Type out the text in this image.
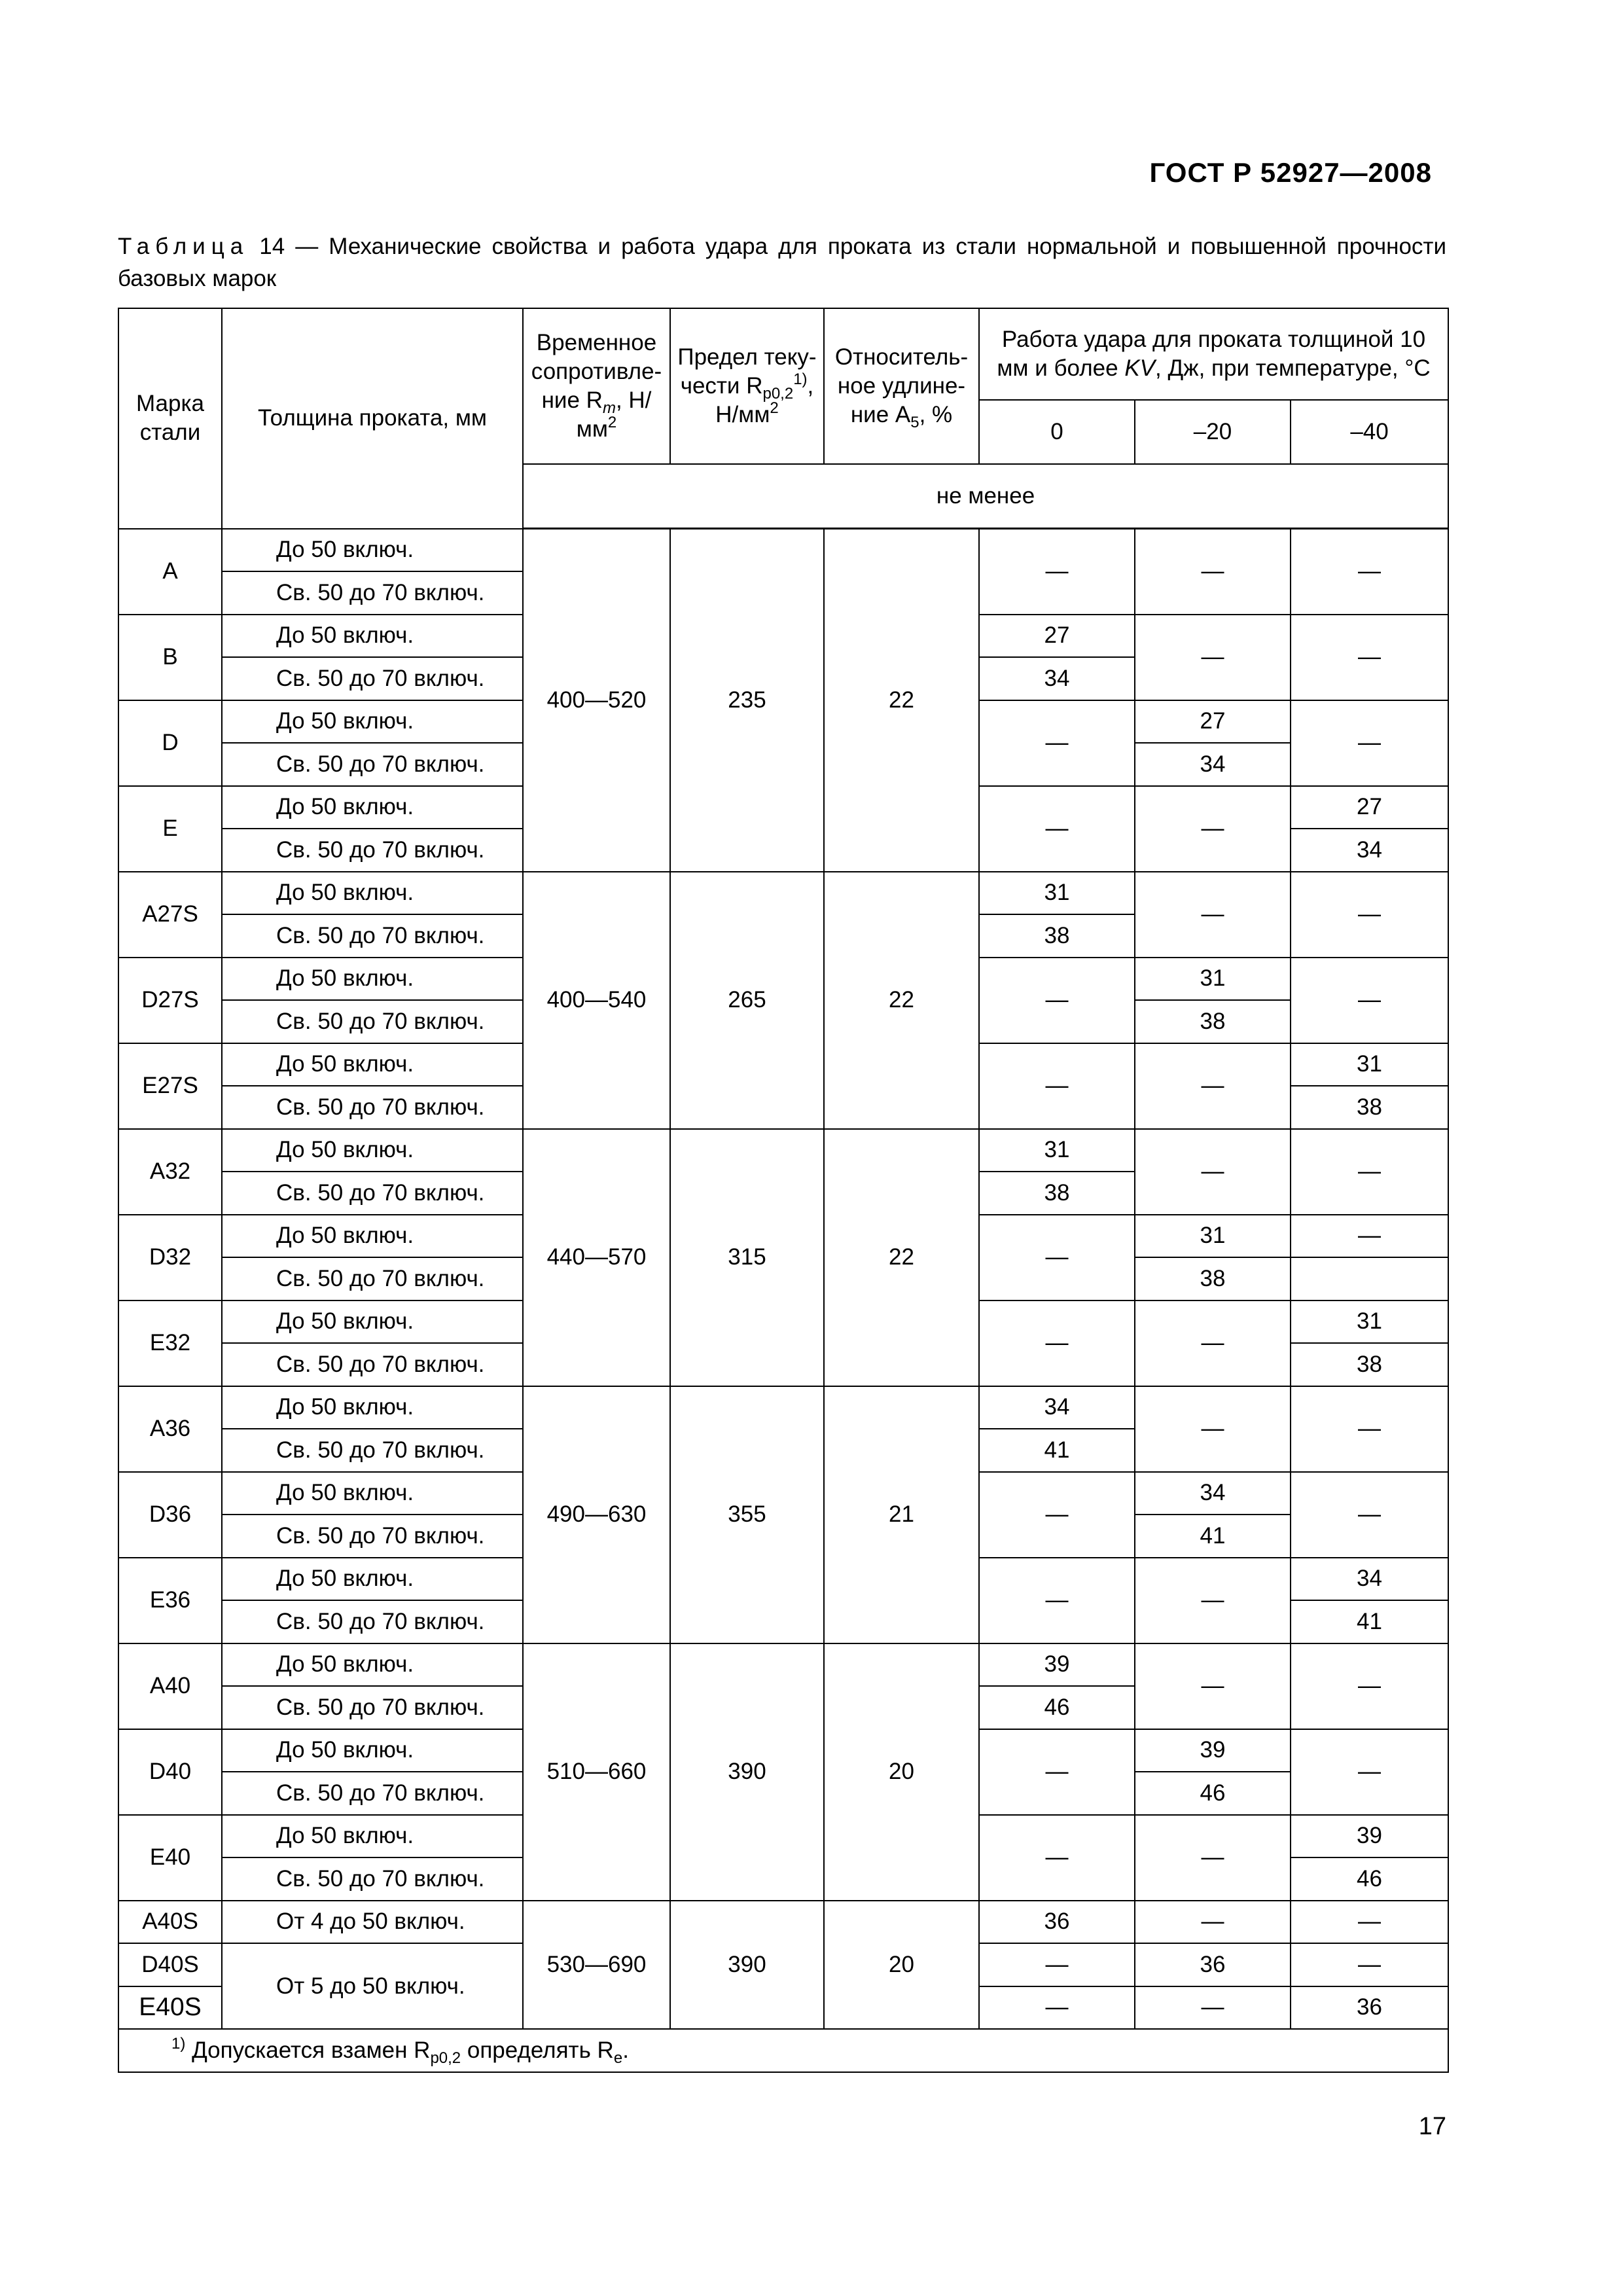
ГОСТ Р 52927—2008
Таблица 14 — Механические свойства и работа удара для проката из стали нормальной и повышенной прочности базовых марок
Марка стали	Толщина проката, мм	Временное сопротивле-ние $R_m$, $Н/мм^2$	Предел теку-чести $R_{p0,2}^{1)}$, $Н/мм^2$	Относитель-ное удлине-ние $A_5$, %	Работа удара для проката толщиной 10 мм и более KV, Дж, при температуре, °С		
					0	–20	–40
		не менее					
A	До 50 включ.	400—520	235	22	—	—	—
	Св. 50 до 70 включ.						
B	До 50 включ.				27	—	—
	Св. 50 до 70 включ.				34		
D	До 50 включ.				—	27	—
	Св. 50 до 70 включ.					34	
E	До 50 включ.				—	—	27
	Св. 50 до 70 включ.						34
A27S	До 50 включ.	400—540	265	22	31	—	—
	Св. 50 до 70 включ.				38		
D27S	До 50 включ.				—	31	—
	Св. 50 до 70 включ.					38	
E27S	До 50 включ.				—	—	31
	Св. 50 до 70 включ.						38
A32	До 50 включ.	440—570	315	22	31	—	—
	Св. 50 до 70 включ.				38		
D32	До 50 включ.				—	31	—
	Св. 50 до 70 включ.					38	
E32	До 50 включ.				—	—	31
	Св. 50 до 70 включ.						38
A36	До 50 включ.	490—630	355	21	34	—	—
	Св. 50 до 70 включ.				41		
D36	До 50 включ.				—	34	—
	Св. 50 до 70 включ.					41	
E36	До 50 включ.				—	—	34
	Св. 50 до 70 включ.						41
A40	До 50 включ.	510—660	390	20	39	—	—
	Св. 50 до 70 включ.				46		
D40	До 50 включ.				—	39	—
	Св. 50 до 70 включ.					46	
E40	До 50 включ.				—	—	39
	Св. 50 до 70 включ.						46
A40S	От 4 до 50 включ.	530—690	390	20	36	—	—
D40S	От 5 до 50 включ.				—	36	—
E40S					—	—	36
$^{1)}$ Допускается взамен $R_{p0,2}$ определять $R_e$.							
17
